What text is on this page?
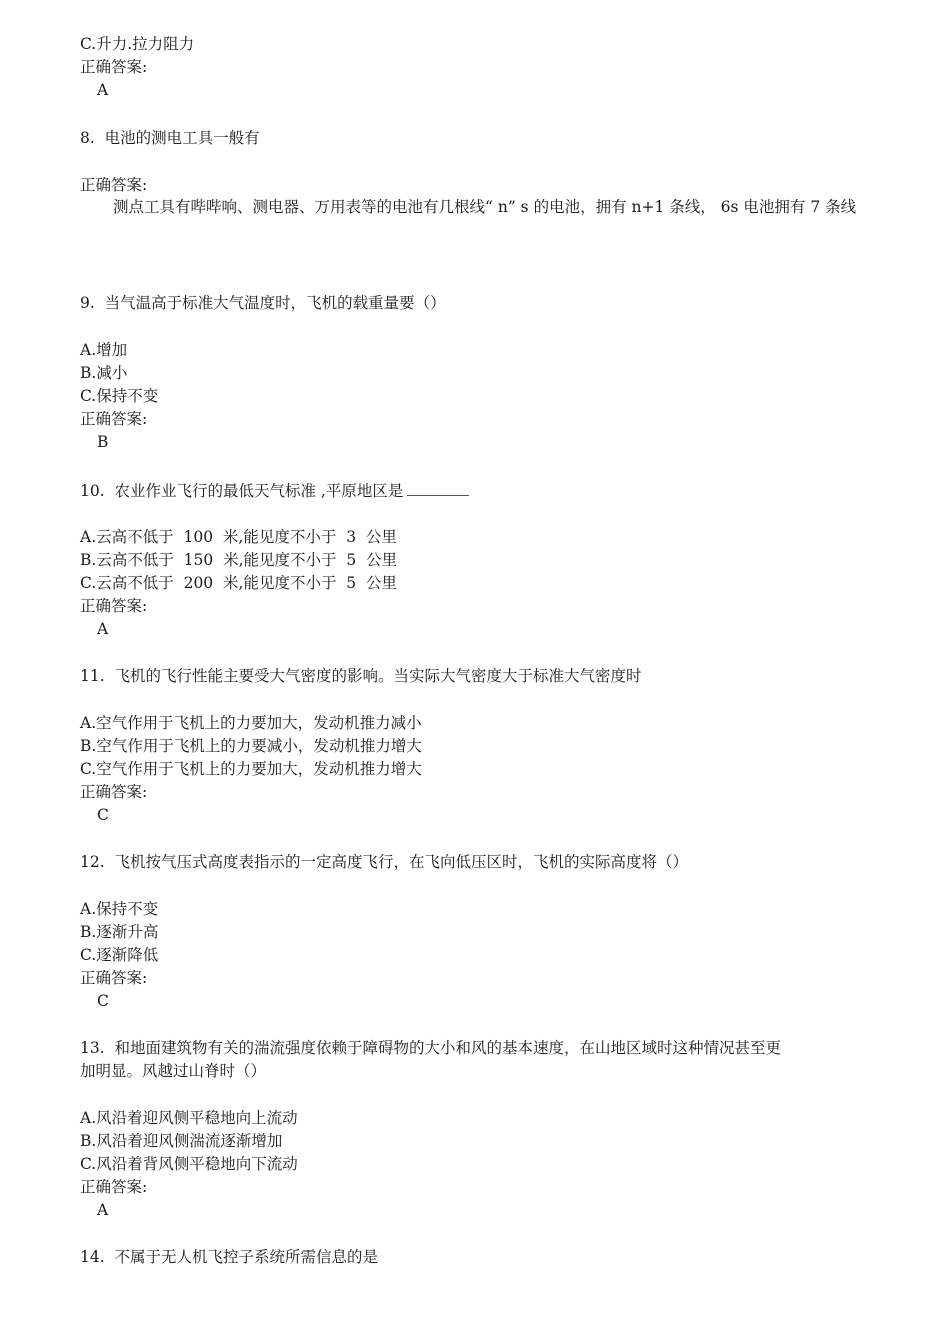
C.升力.拉力阻力
正确答案:
A
8.  电池的测电工具一般有
正确答案:
测点工具有哔哔响、测电器、万用表等的电池有几根线“ n” s 的电池，拥有 n+1 条线， 6s 电池拥有 7 条线
9.  当气温高于标准大气温度时，飞机的载重量要（）
A.增加
B.减小
C.保持不变
正确答案:
B
10.  农业作业飞行的最低天气标准 ,平原地区是
A.云高不低于  100  米,能见度不小于  3  公里
B.云高不低于  150  米,能见度不小于  5  公里
C.云高不低于  200  米,能见度不小于  5  公里
正确答案:
A
11.  飞机的飞行性能主要受大气密度的影响。当实际大气密度大于标准大气密度时
A.空气作用于飞机上的力要加大，发动机推力减小
B.空气作用于飞机上的力要减小，发动机推力增大
C.空气作用于飞机上的力要加大，发动机推力增大
正确答案:
C
12.  飞机按气压式高度表指示的一定高度飞行，在飞向低压区时，飞机的实际高度将（）
A.保持不变
B.逐渐升高
C.逐渐降低
正确答案:
C
13.  和地面建筑物有关的湍流强度依赖于障碍物的大小和风的基本速度，在山地区域时这种情况甚至更
加明显。风越过山脊时（）
A.风沿着迎风侧平稳地向上流动
B.风沿着迎风侧湍流逐渐增加
C.风沿着背风侧平稳地向下流动
正确答案:
A
14.  不属于无人机飞控子系统所需信息的是
